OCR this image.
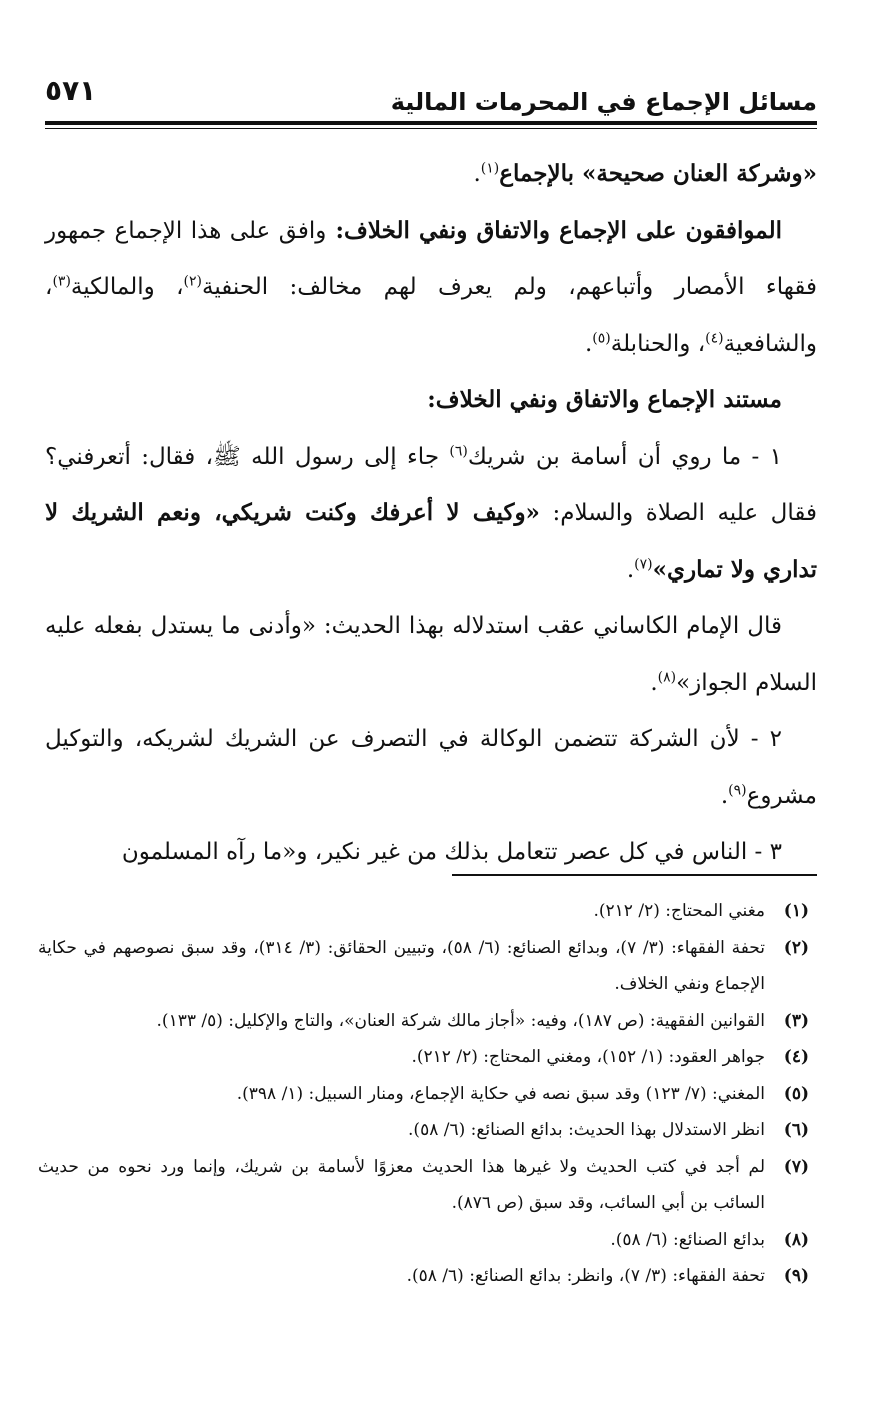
مسائل الإجماع في المحرمات المالية
٥٧١

«وشركة العنان صحيحة» بالإجماع$^{(١)}$.

الموافقون على الإجماع والاتفاق ونفي الخلاف: وافق على هذا الإجماع جمهور فقهاء الأمصار وأتباعهم، ولم يعرف لهم مخالف: الحنفية$^{(٢)}$، والمالكية$^{(٣)}$، والشافعية$^{(٤)}$، والحنابلة$^{(٥)}$.

مستند الإجماع والاتفاق ونفي الخلاف:

١ - ما روي أن أسامة بن شريك$^{(٦)}$ جاء إلى رسول الله ﷺ، فقال: أتعرفني؟ فقال عليه الصلاة والسلام: «وكيف لا أعرفك وكنت شريكي، ونعم الشريك لا تداري ولا تماري»$^{(٧)}$.

قال الإمام الكاساني عقب استدلاله بهذا الحديث: «وأدنى ما يستدل بفعله عليه السلام الجواز»$^{(٨)}$.

٢ - لأن الشركة تتضمن الوكالة في التصرف عن الشريك لشريكه، والتوكيل مشروع$^{(٩)}$.

٣ - الناس في كل عصر تتعامل بذلك من غير نكير، و«ما رآه المسلمون

(١)
مغني المحتاج: (٢/ ٢١٢).

(٢)
تحفة الفقهاء: (٣/ ٧)، وبدائع الصنائع: (٦/ ٥٨)، وتبيين الحقائق: (٣/ ٣١٤)، وقد سبق نصوصهم في حكاية الإجماع ونفي الخلاف.

(٣)
القوانين الفقهية: (ص ١٨٧)، وفيه: «أجاز مالك شركة العنان»، والتاج والإكليل: (٥/ ١٣٣).

(٤)
جواهر العقود: (١/ ١٥٢)، ومغني المحتاج: (٢/ ٢١٢).

(٥)
المغني: (٧/ ١٢٣) وقد سبق نصه في حكاية الإجماع، ومنار السبيل: (١/ ٣٩٨).

(٦)
انظر الاستدلال بهذا الحديث: بدائع الصنائع: (٦/ ٥٨).

(٧)
لم أجد في كتب الحديث ولا غيرها هذا الحديث معزوًا لأسامة بن شريك، وإنما ورد نحوه من حديث السائب بن أبي السائب، وقد سبق (ص ٨٧٦).

(٨)
بدائع الصنائع: (٦/ ٥٨).

(٩)
تحفة الفقهاء: (٣/ ٧)، وانظر: بدائع الصنائع: (٦/ ٥٨).
